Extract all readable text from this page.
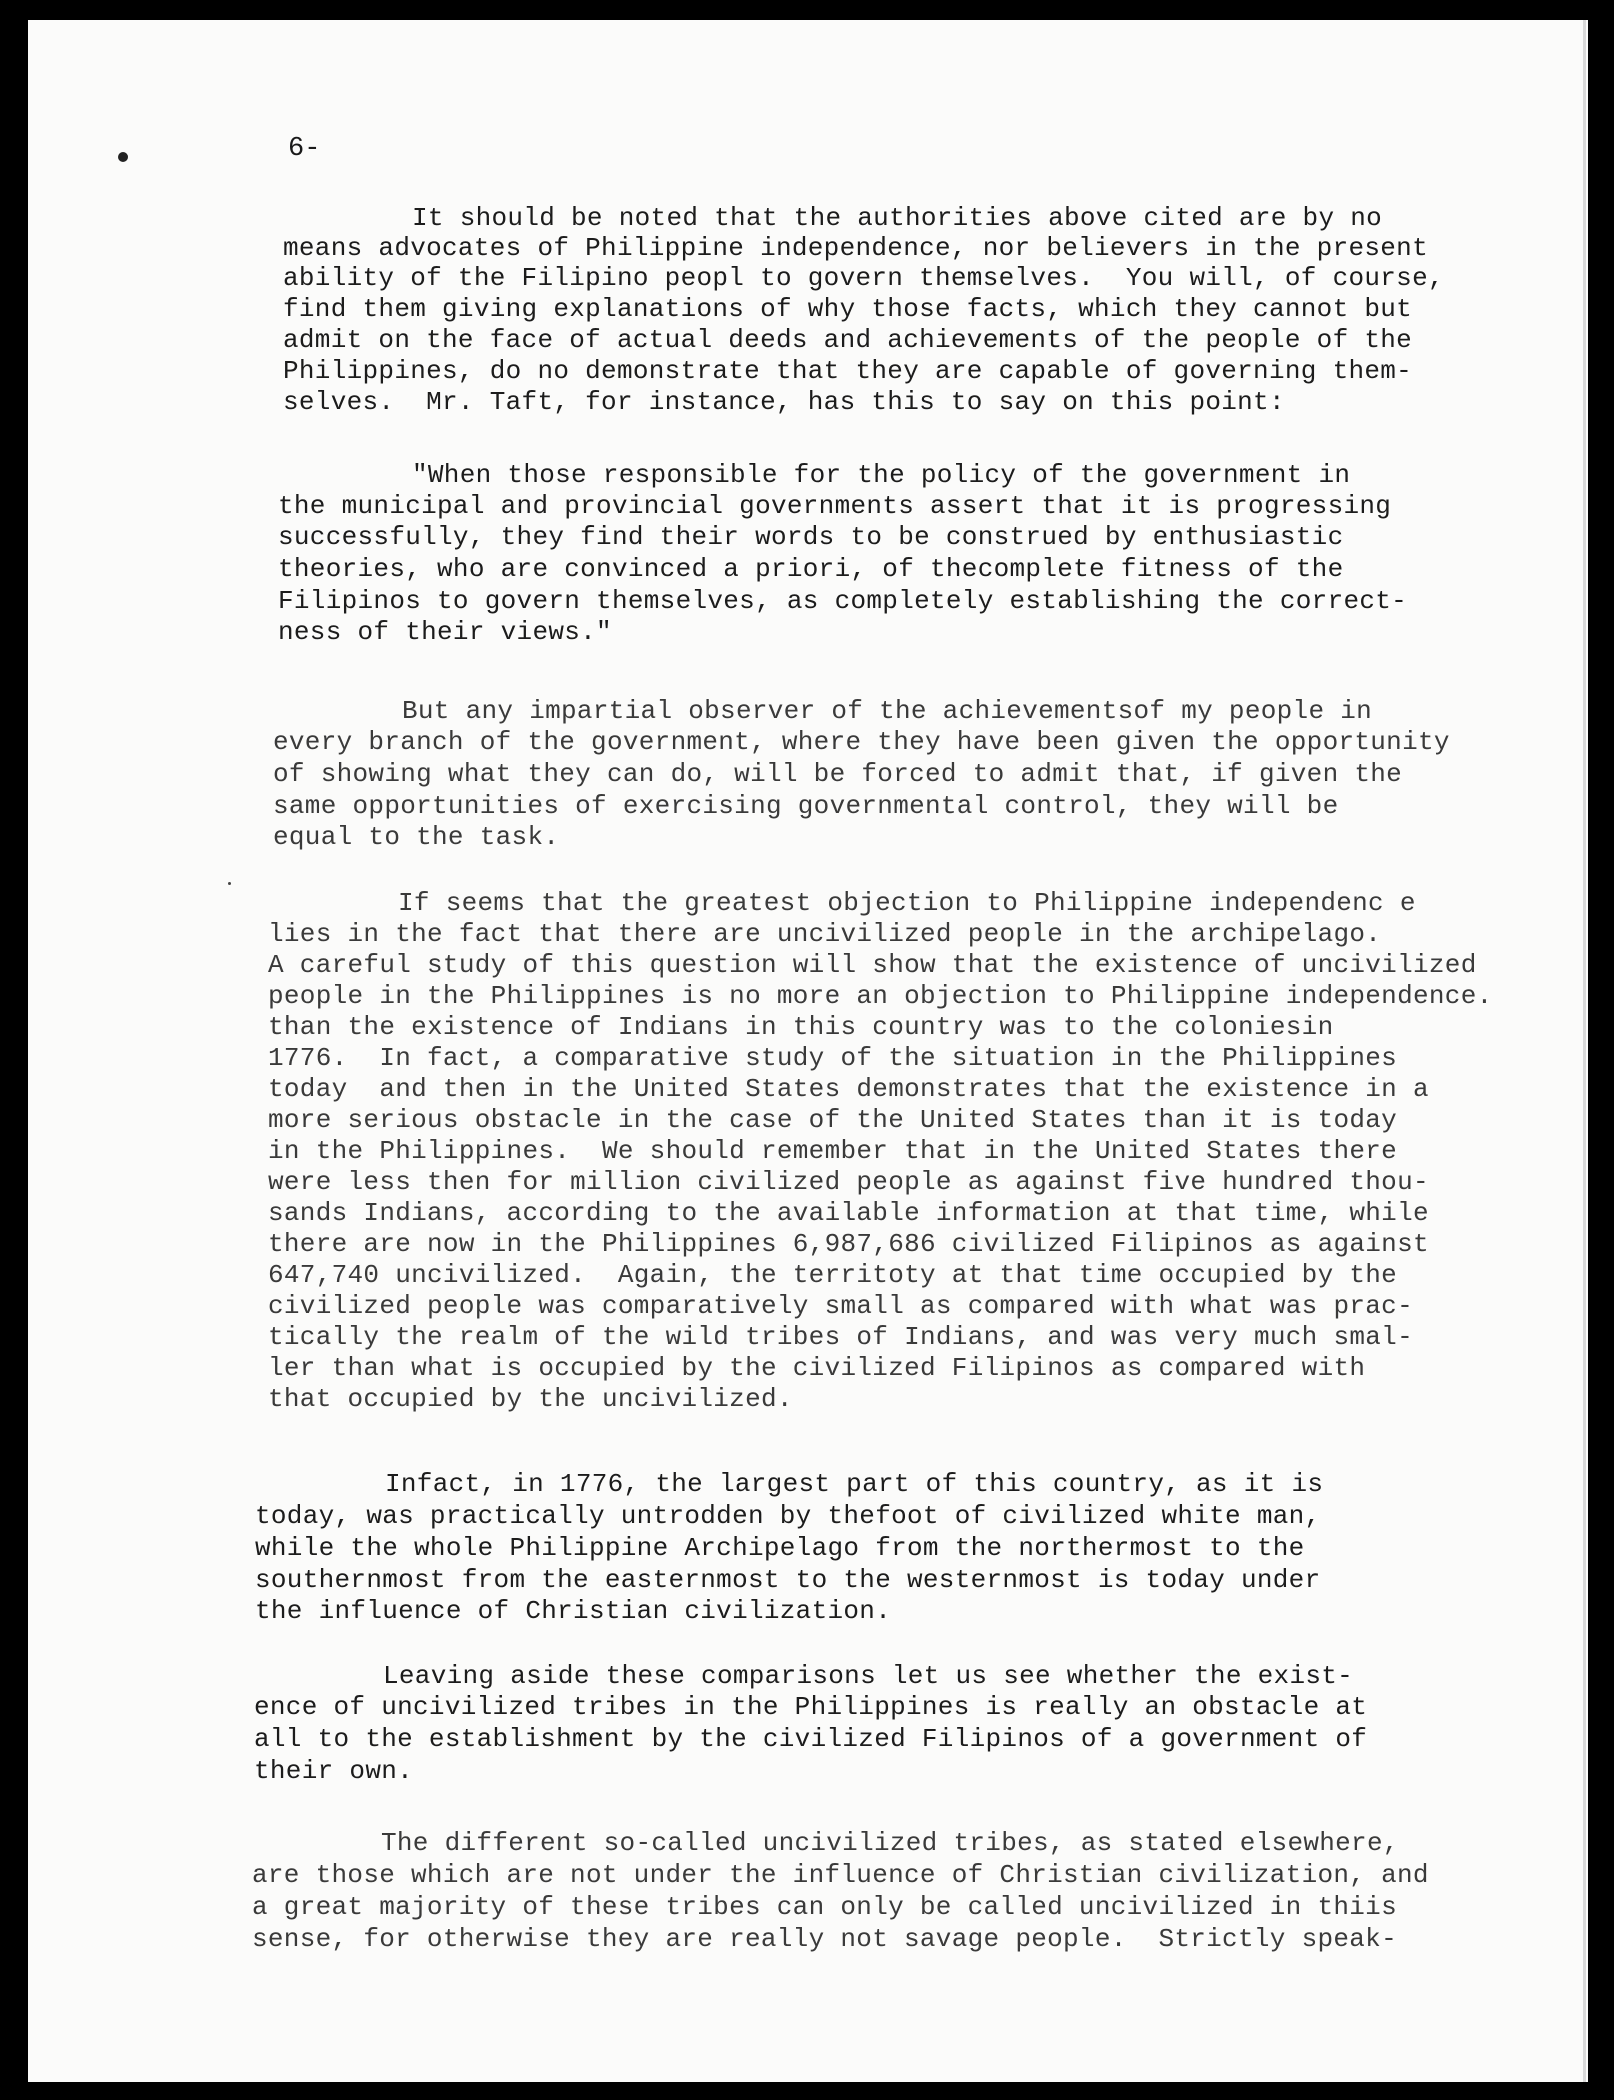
6-
It should be noted that the authorities above cited are by no
means advocates of Philippine independence, nor believers in the present
ability of the Filipino peopl to govern themselves.  You will, of course,
find them giving explanations of why those facts, which they cannot but
admit on the face of actual deeds and achievements of the people of the
Philippines, do no demonstrate that they are capable of governing them-
selves.  Mr. Taft, for instance, has this to say on this point:
"When those responsible for the policy of the government in
the municipal and provincial governments assert that it is progressing
successfully, they find their words to be construed by enthusiastic
theories, who are convinced a priori, of thecomplete fitness of the
Filipinos to govern themselves, as completely establishing the correct-
ness of their views."
But any impartial observer of the achievementsof my people in
every branch of the government, where they have been given the opportunity
of showing what they can do, will be forced to admit that, if given the
same opportunities of exercising governmental control, they will be
equal to the task.
If seems that the greatest objection to Philippine independenc e
lies in the fact that there are uncivilized people in the archipelago.
A careful study of this question will show that the existence of uncivilized
people in the Philippines is no more an objection to Philippine independence.
than the existence of Indians in this country was to the coloniesin
1776.  In fact, a comparative study of the situation in the Philippines
today  and then in the United States demonstrates that the existence in a
more serious obstacle in the case of the United States than it is today
in the Philippines.  We should remember that in the United States there
were less then for million civilized people as against five hundred thou-
sands Indians, according to the available information at that time, while
there are now in the Philippines 6,987,686 civilized Filipinos as against
647,740 uncivilized.  Again, the territoty at that time occupied by the
civilized people was comparatively small as compared with what was prac-
tically the realm of the wild tribes of Indians, and was very much smal-
ler than what is occupied by the civilized Filipinos as compared with
that occupied by the uncivilized.
Infact, in 1776, the largest part of this country, as it is
today, was practically untrodden by thefoot of civilized white man,
while the whole Philippine Archipelago from the northermost to the
southernmost from the easternmost to the westernmost is today under
the influence of Christian civilization.
Leaving aside these comparisons let us see whether the exist-
ence of uncivilized tribes in the Philippines is really an obstacle at
all to the establishment by the civilized Filipinos of a government of
their own.
The different so-called uncivilized tribes, as stated elsewhere,
are those which are not under the influence of Christian civilization, and
a great majority of these tribes can only be called uncivilized in thiis
sense, for otherwise they are really not savage people.  Strictly speak-
